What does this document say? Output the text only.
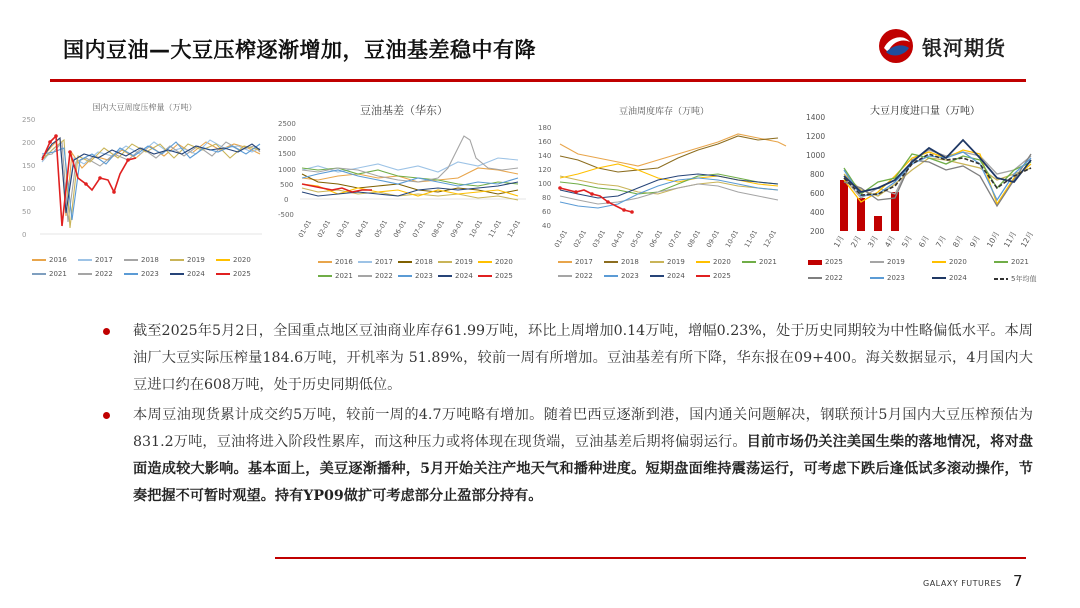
国内豆油—大豆压榨逐渐增加，豆油基差稳中有降	银河期货
国内大豆周度压榨量（万吨）
250
200
150
100
50
0
2016	2017	2018	2019	2020
2021	2022	2023	2024	2025
豆油基差（华东）
2500
2000
1500
1000
500
0
-500
01-01 02-01 03-01 04-01 05-01 06-01 07-01 08-01 09-01 10-01 11-01 12-01
2016	2017	2018	2019	2020
2021	2022	2023	2024	2025
豆油周度库存（万吨）
180
160
140
120
100
80
60
40
01-01 02-01 03-01 04-01 05-01 06-01 07-01 08-01 09-01 10-01 11-01 12-01
2017	2018	2019	2020	2021
2022	2023	2024	2025
大豆月度进口量（万吨）
1400
1200
1000
800
600
400
200
1月 2月 3月 4月 5月 6月 7月 8月 9月 10月 11月 12月
2025	2019	2020	2021
2022	2023	2024	5年均值
截至2025年5月2日，全国重点地区豆油商业库存61.99万吨，环比上周增加0.14万吨，增幅0.23%，处于历史同期较为中性略偏低水平。本周油厂大豆实际压榨量184.6万吨，开机率为 51.89%，较前一周有所增加。豆油基差有所下降，华东报在09+400。海关数据显示，4月国内大豆进口约在608万吨，处于历史同期低位。
本周豆油现货累计成交约5万吨，较前一周的4.7万吨略有增加。随着巴西豆逐渐到港，国内通关问题解决，钢联预计5月国内大豆压榨预估为831.2万吨，豆油将进入阶段性累库，而这种压力或将体现在现货端，豆油基差后期将偏弱运行。目前市场仍关注美国生柴的落地情况，将对盘面造成较大影响。基本面上，美豆逐渐播种，5月开始关注产地天气和播种进度。短期盘面维持震荡运行，可考虑下跌后逢低试多滚动操作，节奏把握不可暂时观望。持有YP09做扩可考虑部分止盈部分持有。
GALAXY FUTURES 7
